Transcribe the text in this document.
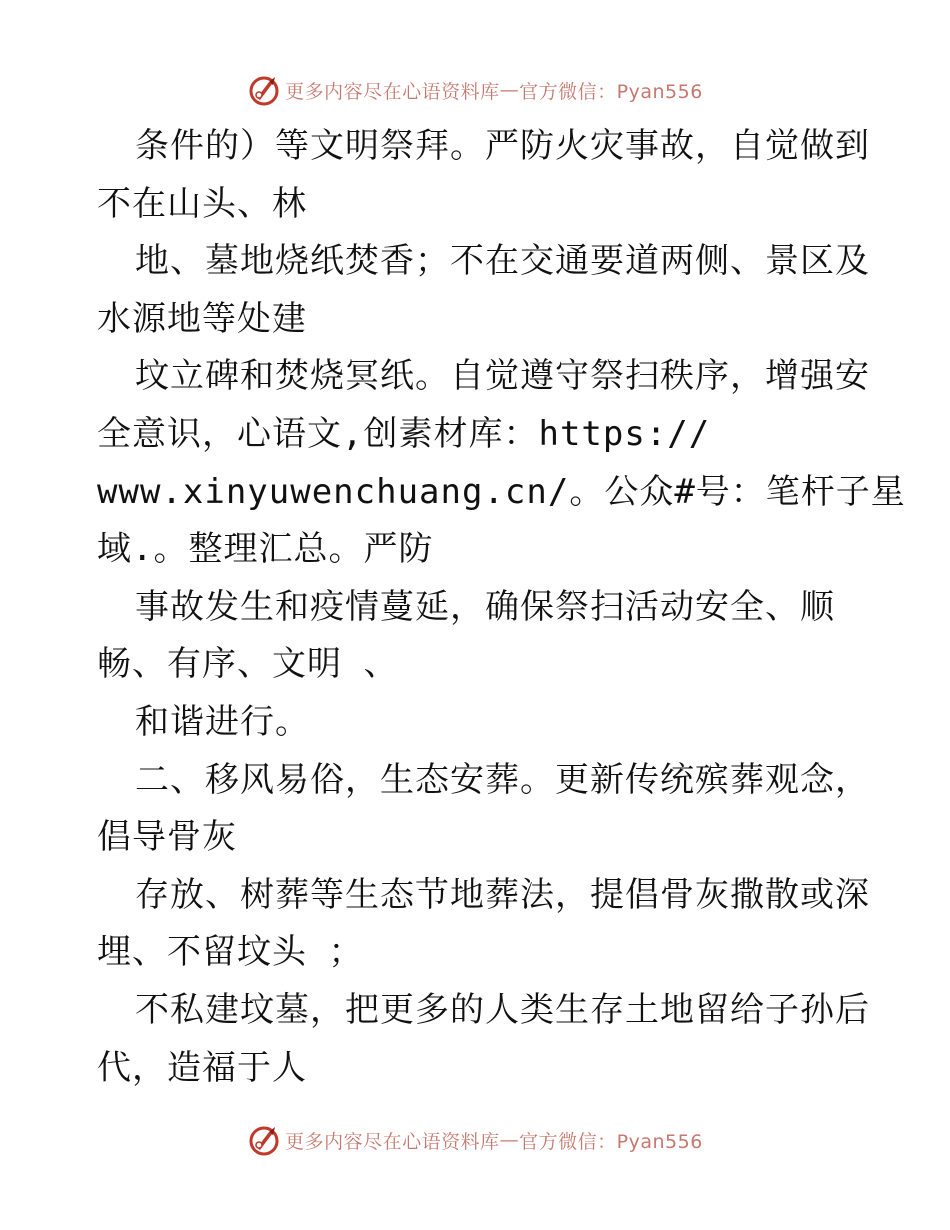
更多内容尽在心语资料库 — 官方微信：Pyan556
条件的）等文明祭拜。严防火灾事故，自觉做到
不在山头、林
地、墓地烧纸焚香；不在交通要道两侧、景区及
水源地等处建
坟立碑和焚烧冥纸。自觉遵守祭扫秩序，增强安
全意识，心语文,创素材库：https://
www.xinyuwenchuang.cn/。公众#号：笔杆子星
域.。整理汇总。严防
事故发生和疫情蔓延，确保祭扫活动安全、顺
畅、有序、文明 、
和谐进行。
二、移风易俗，生态安葬。更新传统殡葬观念，
倡导骨灰
存放、树葬等生态节地葬法，提倡骨灰撒散或深
埋、不留坟头 ；
不私建坟墓，把更多的人类生存土地留给子孙后
代，造福于人
更多内容尽在心语资料库 — 官方微信：Pyan556
